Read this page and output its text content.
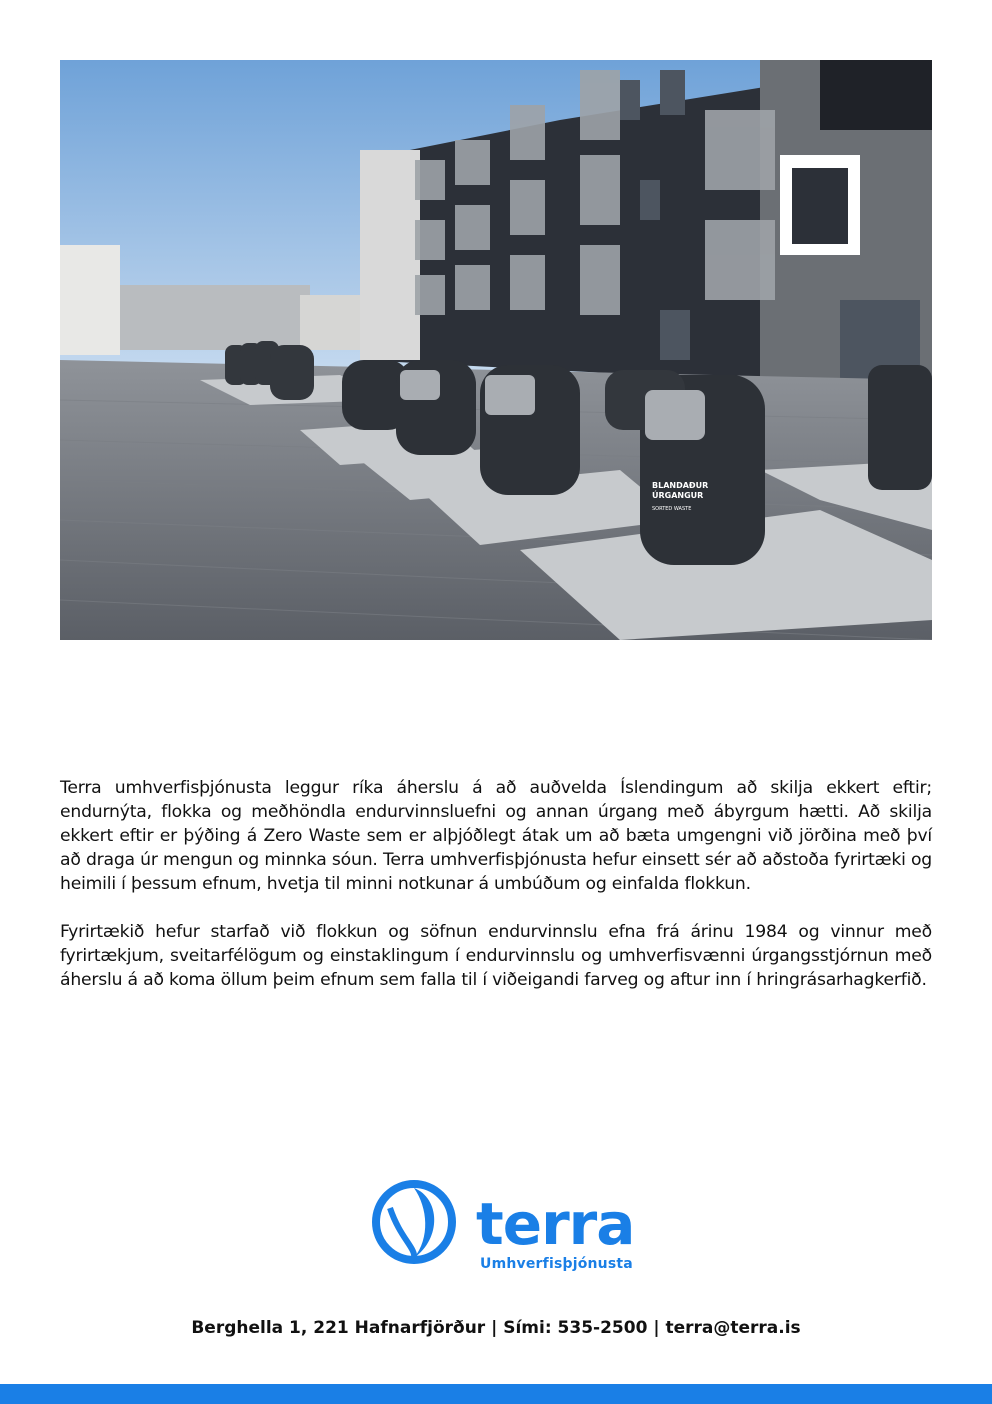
BLANDAÐUR
ÚRGANGUR
SORTED WASTE

Terra umhverfisþjónusta leggur ríka áherslu á að auðvelda Íslendingum að skilja ekkert eftir; endurnýta, flokka og meðhöndla endurvinnsluefni og annan úrgang með ábyrgum hætti. Að skilja ekkert eftir er þýðing á Zero Waste sem er alþjóðlegt átak um að bæta umgengni við jörðina með því að draga úr mengun og minnka sóun. Terra umhverfisþjónusta hefur einsett sér að aðstoða fyrirtæki og heimili í þessum efnum, hvetja til minni notkunar á umbúðum og einfalda flokkun.

Fyrirtækið hefur starfað við flokkun og söfnun endurvinnslu efna frá árinu 1984 og vinnur með fyrirtækjum, sveitarfélögum og einstaklingum í endurvinnslu og umhverfisvænni úrgangsstjórnun með áherslu á að koma öllum þeim efnum sem falla til í viðeigandi farveg og aftur inn í hringrásarhagkerfið.

terra
Umhverfisþjónusta
Berghella 1, 221 Hafnarfjörður | Sími: 535-2500 | terra@terra.is
